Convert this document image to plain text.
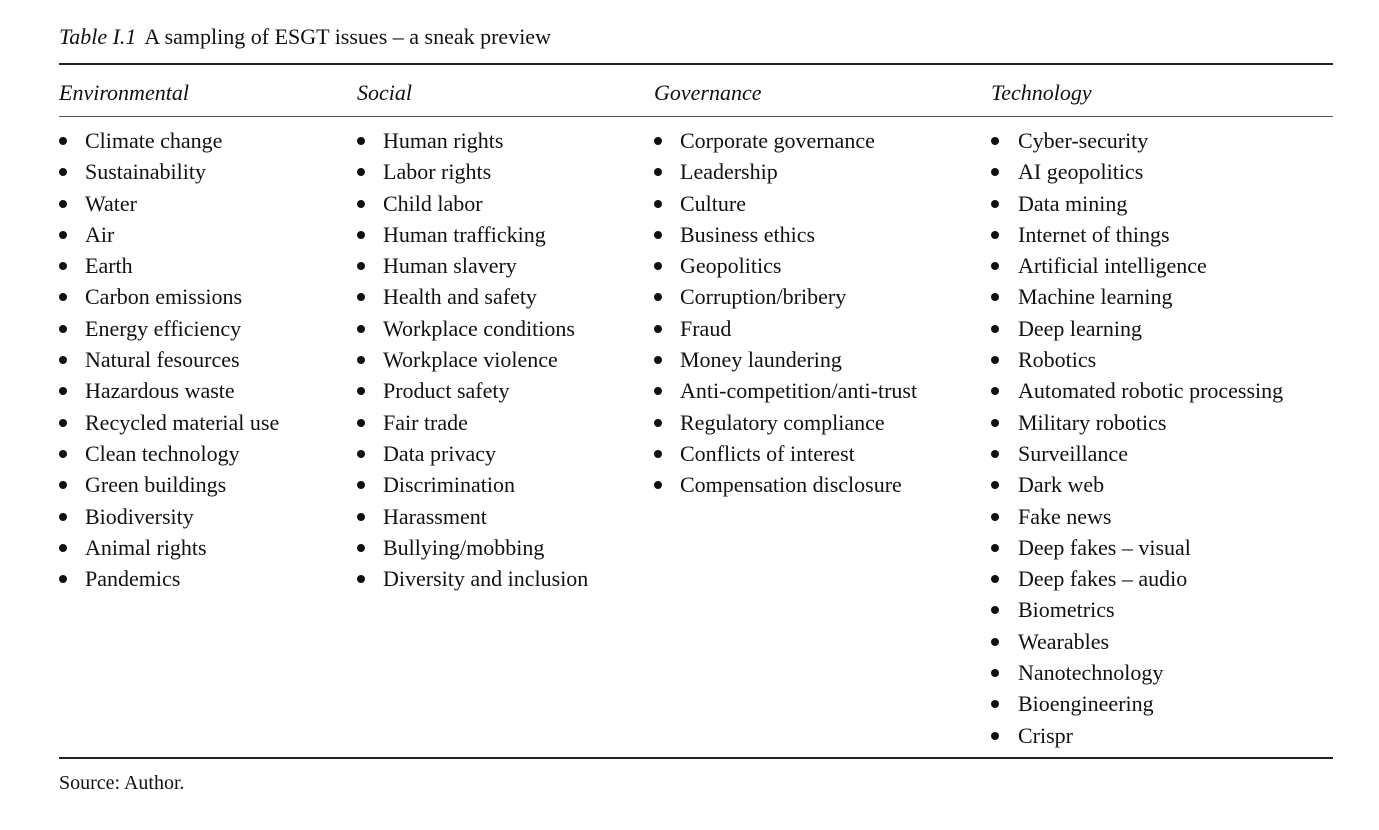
Table I.1 A sampling of ESGT issues – a sneak preview
Environmental
Climate change
Sustainability
Water
Air
Earth
Carbon emissions
Energy efficiency
Natural fesources
Hazardous waste
Recycled material use
Clean technology
Green buildings
Biodiversity
Animal rights
Pandemics
Social
Human rights
Labor rights
Child labor
Human trafficking
Human slavery
Health and safety
Workplace conditions
Workplace violence
Product safety
Fair trade
Data privacy
Discrimination
Harassment
Bullying/mobbing
Diversity and inclusion
Governance
Corporate governance
Leadership
Culture
Business ethics
Geopolitics
Corruption/bribery
Fraud
Money laundering
Anti-competition/anti-trust
Regulatory compliance
Conflicts of interest
Compensation disclosure
Technology
Cyber-security
AI geopolitics
Data mining
Internet of things
Artificial intelligence
Machine learning
Deep learning
Robotics
Automated robotic processing
Military robotics
Surveillance
Dark web
Fake news
Deep fakes – visual
Deep fakes – audio
Biometrics
Wearables
Nanotechnology
Bioengineering
Crispr
Source: Author.
